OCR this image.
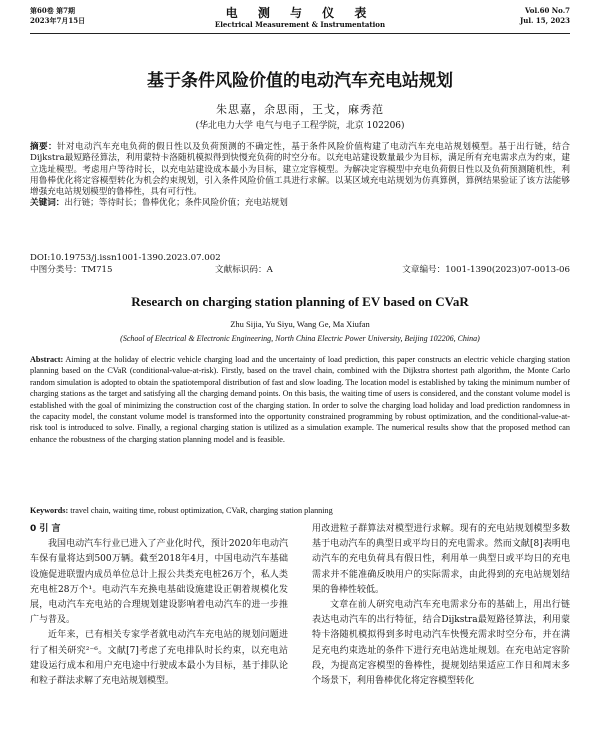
第60卷 第7期
2023年7月15日
电 测 与 仪 表
Electrical Measurement & Instrumentation
Vol.60 No.7
Jul. 15, 2023
基于条件风险价值的电动汽车充电站规划
朱思嘉，余思雨，王戈，麻秀范
(华北电力大学 电气与电子工程学院，北京 102206)
摘要：针对电动汽车充电负荷的假日性以及负荷预测的不确定性，基于条件风险价值构建了电动汽车充电站规划模型。基于出行链，结合Dijkstra最短路径算法，利用蒙特卡洛随机模拟得到快慢充负荷的时空分布。以充电站建设数量最少为目标，满足所有充电需求点为约束，建立选址模型。考虑用户等待时长，以充电站建设成本最小为目标，建立定容模型。为解决定容模型中充电负荷假日性以及负荷预测随机性，利用鲁棒优化将定容模型转化为机会约束规划，引入条件风险价值工具进行求解。以某区域充电站规划为仿真算例，算例结果验证了该方法能够增强充电站规划模型的鲁棒性，具有可行性。
关键词：出行链；等待时长；鲁棒优化；条件风险价值；充电站规划
DOI:10.19753/j.issn1001-1390.2023.07.002
中图分类号：TM715	文献标识码：A	文章编号：1001-1390(2023)07-0013-06
Research on charging station planning of EV based on CVaR
Zhu Sijia, Yu Siyu, Wang Ge, Ma Xiufan
(School of Electrical & Electronic Engineering, North China Electric Power University, Beijing 102206, China)
Abstract: Aiming at the holiday of electric vehicle charging load and the uncertainty of load prediction, this paper constructs an electric vehicle charging station planning based on the CVaR (conditional-value-at-risk). Firstly, based on the travel chain, combined with the Dijkstra shortest path algorithm, the Monte Carlo random simulation is adopted to obtain the spatiotemporal distribution of fast and slow loading. The location model is established by taking the minimum number of charging stations as the target and satisfying all the charging demand points. On this basis, the waiting time of users is considered, and the constant volume model is established with the goal of minimizing the construction cost of the charging station. In order to solve the charging load holiday and load prediction randomness in the capacity model, the constant volume model is transformed into the opportunity constrained programming by robust optimization, and the conditional-value-at-risk tool is introduced to solve. Finally, a regional charging station is utilized as a simulation example. The numerical results show that the proposed method can enhance the robustness of the charging station planning model and is feasible.
Keywords: travel chain, waiting time, robust optimization, CVaR, charging station planning
0 引 言

我国电动汽车行业已进入了产业化时代，预计2020年电动汽车保有量将达到500万辆。截至2018年4月，中国电动汽车基础设施促进联盟内成员单位总计上报公共类充电桩26万个，私人类充电桩28万个¹。电动汽车充换电基础设施建设正朝着规模化发展，电动汽车充电站的合理规划建设影响着电动汽车的进一步推广与普及。

近年来，已有相关专家学者就电动汽车充电站的规划问题进行了相关研究²⁻⁶。文献[7]考虑了充电排队时长约束，以充电站建设运行成本和用户充电途中行驶成本最小为目标，基于排队论和粒子群法求解了充电站规划模型。

用改进粒子群算法对模型进行求解。现有的充电站规划模型多数基于电动汽车的典型日或平均日的充电需求。然而文献[8]表明电动汽车的充电负荷具有假日性，利用单一典型日或平均日的充电需求并不能准确反映用户的实际需求，由此得到的充电站规划结果的鲁棒性较低。

文章在前人研究电动汽车充电需求分布的基础上，用出行链表达电动汽车的出行特征，结合Dijkstra最短路径算法，利用蒙特卡洛随机模拟得到多时电动汽车快慢充需求时空分布，并在满足充电约束选址的条件下进行充电站选址规划。在充电站定容阶段，为提高定容模型的鲁棒性，提规划结果适应工作日和周末多个场景下，利用鲁棒优化将定容模型转化
